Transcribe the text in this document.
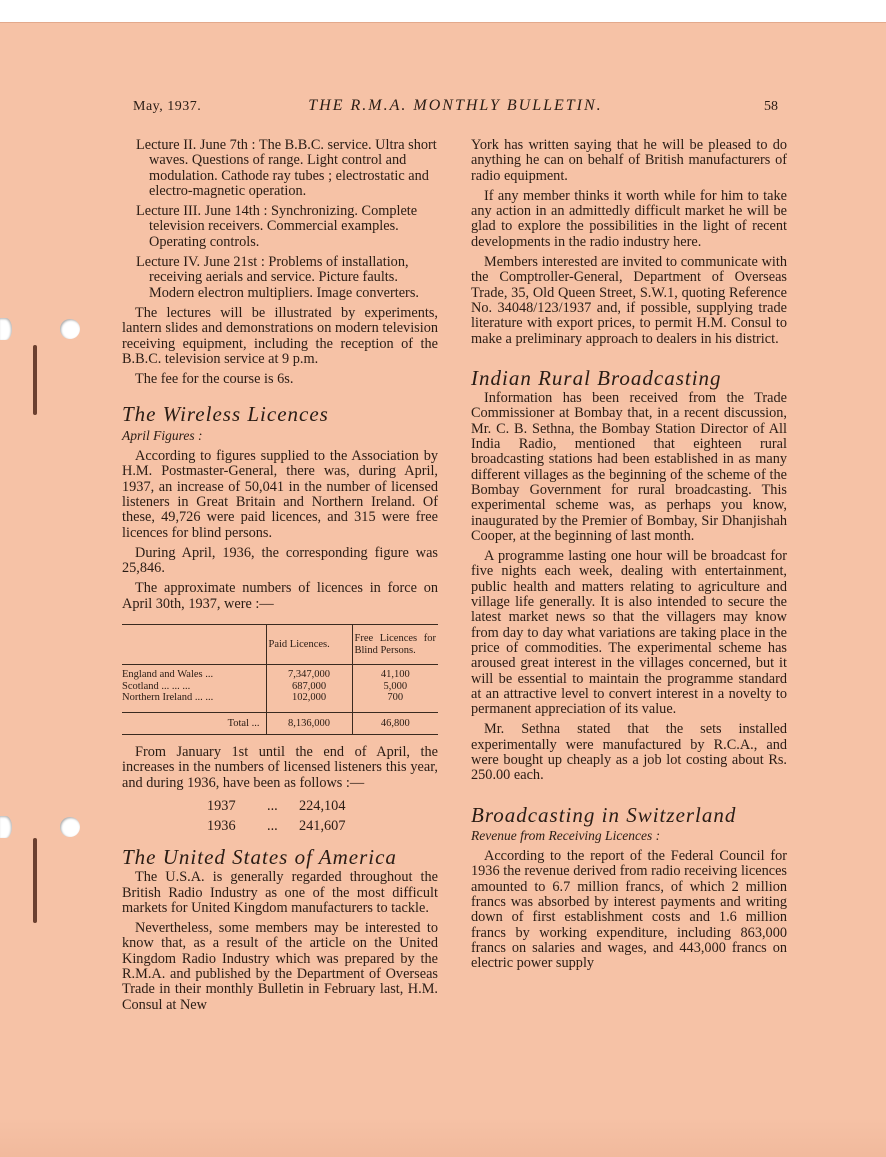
May, 1937.	THE R.M.A. MONTHLY BULLETIN.	58
Lecture II. June 7th : The B.B.C. service. Ultra short waves. Questions of range. Light control and modulation. Cathode ray tubes ; electrostatic and electro-magnetic operation.
Lecture III. June 14th : Synchronizing. Complete television receivers. Commercial examples. Operating controls.
Lecture IV. June 21st : Problems of installation, receiving aerials and service. Picture faults. Modern electron multipliers. Image converters.

The lectures will be illustrated by experiments, lantern slides and demonstrations on modern television receiving equipment, including the reception of the B.B.C. television service at 9 p.m.

The fee for the course is 6s.

The Wireless Licences
April Figures :

According to figures supplied to the Association by H.M. Postmaster-General, there was, during April, 1937, an increase of 50,041 in the number of licensed listeners in Great Britain and Northern Ireland. Of these, 49,726 were paid licences, and 315 were free licences for blind persons.

During April, 1936, the corresponding figure was 25,846.

The approximate numbers of licences in force on April 30th, 1937, were :—

	Paid Licences.	Free Licences for Blind Persons.
England and Wales ...	7,347,000	41,100
Scotland ... ... ...	687,000	5,000
Northern Ireland ... ...	102,000	700
Total ...	8,136,000	46,800

From January 1st until the end of April, the increases in the numbers of licensed listeners this year, and during 1936, have been as follows :—

1937	...	224,104
1936	...	241,607
The United States of America

The U.S.A. is generally regarded throughout the British Radio Industry as one of the most difficult markets for United Kingdom manufacturers to tackle.

Nevertheless, some members may be interested to know that, as a result of the article on the United Kingdom Radio Industry which was prepared by the R.M.A. and published by the Department of Overseas Trade in their monthly Bulletin in February last, H.M. Consul at New

York has written saying that he will be pleased to do anything he can on behalf of British manufacturers of radio equipment.

If any member thinks it worth while for him to take any action in an admittedly difficult market he will be glad to explore the possibilities in the light of recent developments in the radio industry here.

Members interested are invited to communicate with the Comptroller-General, Department of Overseas Trade, 35, Old Queen Street, S.W.1, quoting Reference No. 34048/123/1937 and, if possible, supplying trade literature with export prices, to permit H.M. Consul to make a preliminary approach to dealers in his district.

Indian Rural Broadcasting

Information has been received from the Trade Commissioner at Bombay that, in a recent discussion, Mr. C. B. Sethna, the Bombay Station Director of All India Radio, mentioned that eighteen rural broadcasting stations had been established in as many different villages as the beginning of the scheme of the Bombay Government for rural broadcasting. This experimental scheme was, as perhaps you know, inaugurated by the Premier of Bombay, Sir Dhanjishah Cooper, at the beginning of last month.

A programme lasting one hour will be broadcast for five nights each week, dealing with entertainment, public health and matters relating to agriculture and village life generally. It is also intended to secure the latest market news so that the villagers may know from day to day what variations are taking place in the price of commodities. The experimental scheme has aroused great interest in the villages concerned, but it will be essential to maintain the programme standard at an attractive level to convert interest in a novelty to permanent appreciation of its value.

Mr. Sethna stated that the sets installed experimentally were manufactured by R.C.A., and were bought up cheaply as a job lot costing about Rs. 250.00 each.

Broadcasting in Switzerland
Revenue from Receiving Licences :

According to the report of the Federal Council for 1936 the revenue derived from radio receiving licences amounted to 6.7 million francs, of which 2 million francs was absorbed by interest payments and writing down of first establishment costs and 1.6 million francs by working expenditure, including 863,000 francs on salaries and wages, and 443,000 francs on electric power supply
